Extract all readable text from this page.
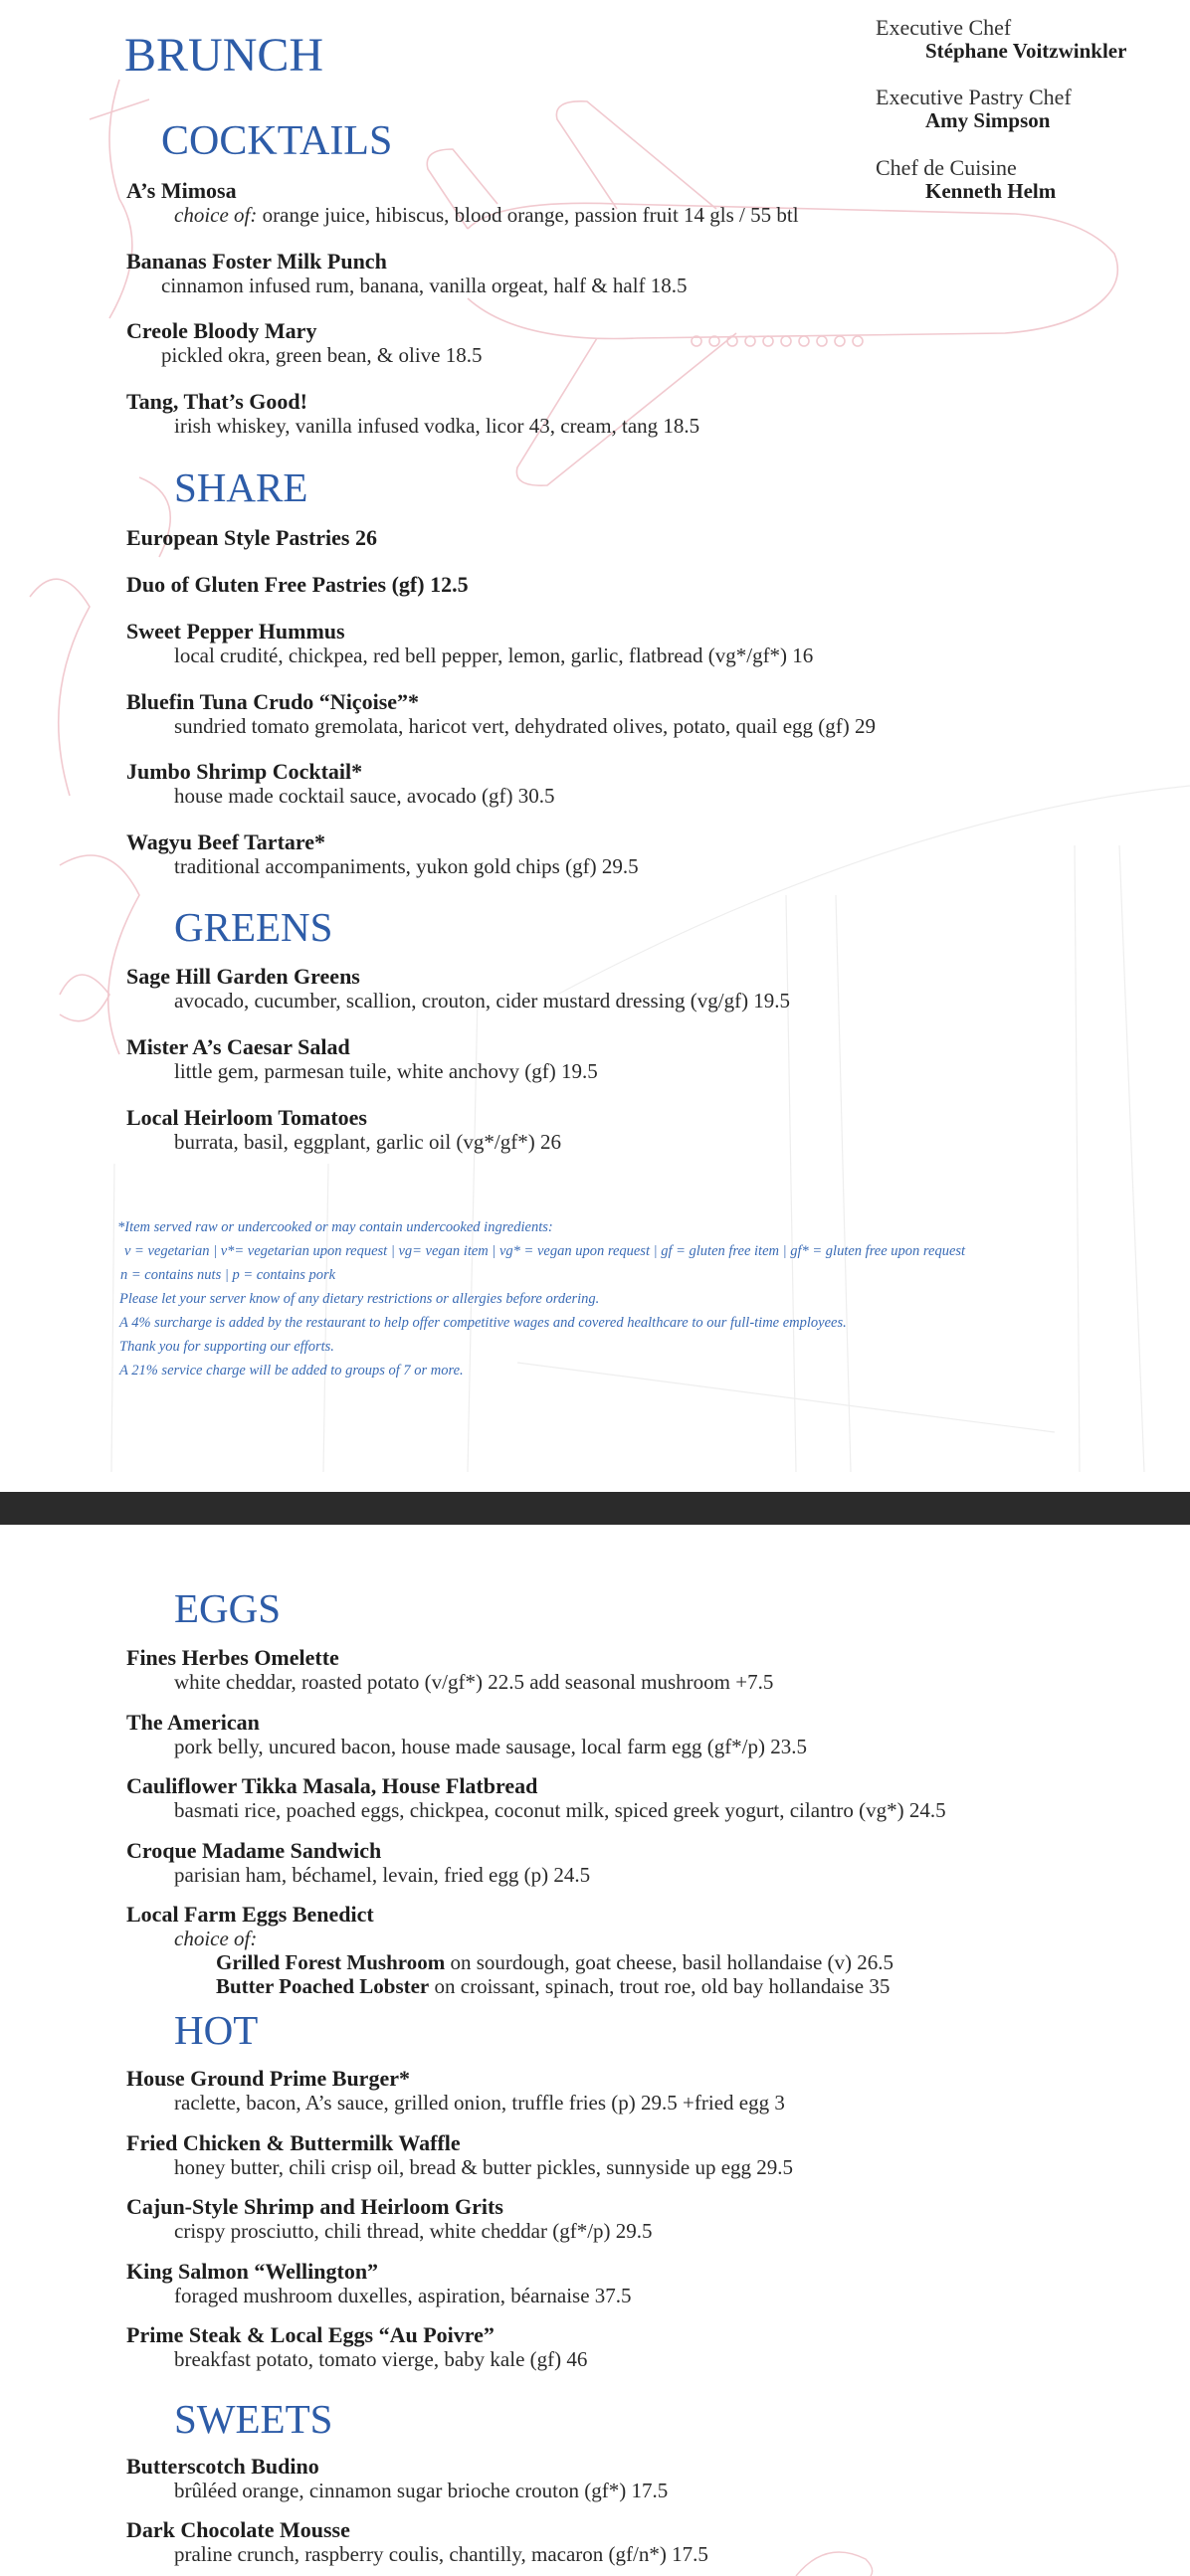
BRUNCH
Executive Chef
Stéphane Voitzwinkler
Executive Pastry Chef
Amy Simpson
Chef de Cuisine
Kenneth Helm
COCKTAILS
A’s Mimosa
choice of: orange juice, hibiscus, blood orange, passion fruit 14 gls / 55 btl
Bananas Foster Milk Punch
cinnamon infused rum, banana, vanilla orgeat, half & half 18.5
Creole Bloody Mary
pickled okra, green bean, & olive 18.5
Tang, That’s Good!
irish whiskey, vanilla infused vodka, licor 43, cream, tang 18.5
SHARE
European Style Pastries 26
Duo of Gluten Free Pastries (gf) 12.5
Sweet Pepper Hummus
local crudité, chickpea, red bell pepper, lemon, garlic, flatbread (vg*/gf*) 16
Bluefin Tuna Crudo “Niçoise”*
sundried tomato gremolata, haricot vert, dehydrated olives, potato, quail egg (gf) 29
Jumbo Shrimp Cocktail*
house made cocktail sauce, avocado (gf) 30.5
Wagyu Beef Tartare*
traditional accompaniments, yukon gold chips (gf) 29.5
GREENS
Sage Hill Garden Greens
avocado, cucumber, scallion, crouton, cider mustard dressing (vg/gf) 19.5
Mister A’s Caesar Salad
little gem, parmesan tuile, white anchovy (gf) 19.5
Local Heirloom Tomatoes
burrata, basil, eggplant, garlic oil (vg*/gf*) 26
*Item served raw or undercooked or may contain undercooked ingredients:
v = vegetarian | v*= vegetarian upon request | vg= vegan item | vg* = vegan upon request | gf = gluten free item | gf* = gluten free upon request
n = contains nuts | p = contains pork
Please let your server know of any dietary restrictions or allergies before ordering.
A 4% surcharge is added by the restaurant to help offer competitive wages and covered healthcare to our full-time employees.
Thank you for supporting our efforts.
A 21% service charge will be added to groups of 7 or more.
EGGS
Fines Herbes Omelette
white cheddar, roasted potato (v/gf*) 22.5 add seasonal mushroom +7.5
The American
pork belly, uncured bacon, house made sausage, local farm egg (gf*/p) 23.5
Cauliflower Tikka Masala, House Flatbread
basmati rice, poached eggs, chickpea, coconut milk, spiced greek yogurt, cilantro (vg*) 24.5
Croque Madame Sandwich
parisian ham, béchamel, levain, fried egg (p) 24.5
Local Farm Eggs Benedict
choice of:
Grilled Forest Mushroom on sourdough, goat cheese, basil hollandaise (v) 26.5
Butter Poached Lobster on croissant, spinach, trout roe, old bay hollandaise 35
HOT
House Ground Prime Burger*
raclette, bacon, A’s sauce, grilled onion, truffle fries (p) 29.5 +fried egg 3
Fried Chicken & Buttermilk Waffle
honey butter, chili crisp oil, bread & butter pickles, sunnyside up egg 29.5
Cajun-Style Shrimp and Heirloom Grits
crispy prosciutto, chili thread, white cheddar (gf*/p) 29.5
King Salmon “Wellington”
foraged mushroom duxelles, aspiration, béarnaise 37.5
Prime Steak & Local Eggs “Au Poivre”
breakfast potato, tomato vierge, baby kale (gf) 46
SWEETS
Butterscotch Budino
brûléed orange, cinnamon sugar brioche crouton (gf*) 17.5
Dark Chocolate Mousse
praline crunch, raspberry coulis, chantilly, macaron (gf/n*) 17.5
